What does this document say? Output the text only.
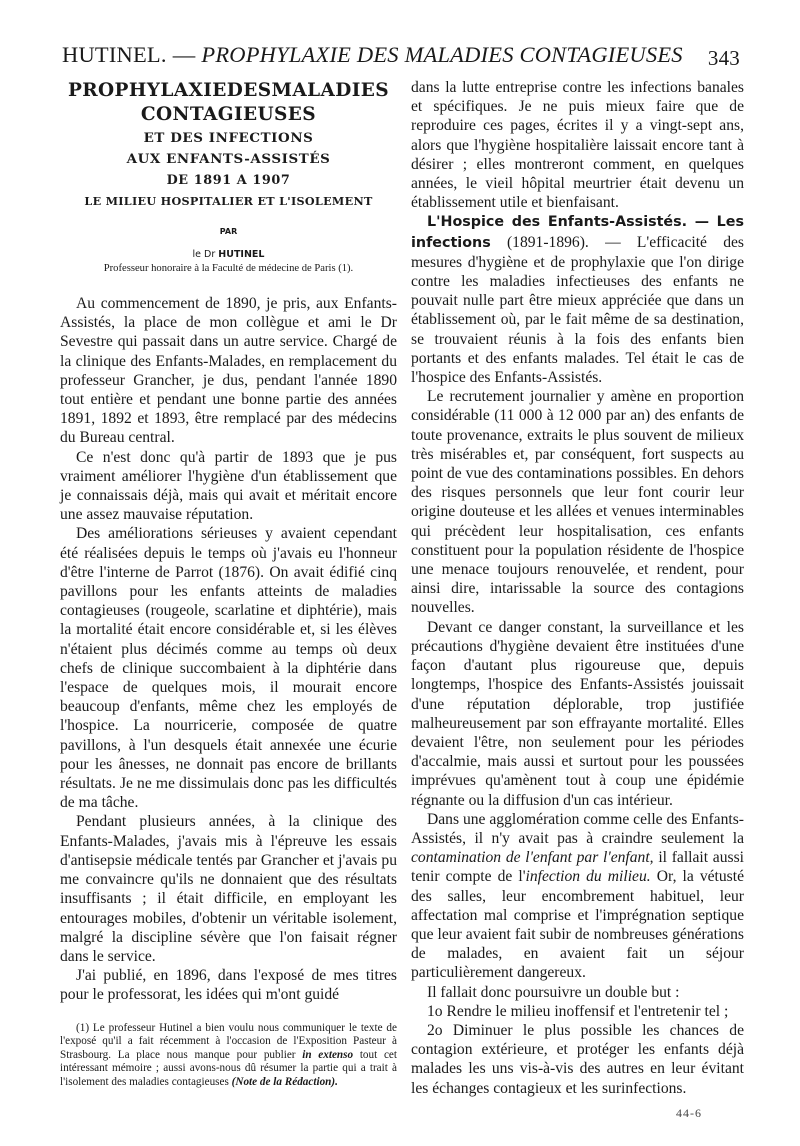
HUTINEL. — PROPHYLAXIE DES MALADIES CONTAGIEUSES 343
PROPHYLAXIEDESMALADIES
CONTAGIEUSES
ET DES INFECTIONS
AUX ENFANTS-ASSISTÉS
DE 1891 A 1907
LE MILIEU HOSPITALIER ET L'ISOLEMENT
PAR
le Dr HUTINEL
Professeur honoraire à la Faculté de médecine de Paris (1).

Au commencement de 1890, je pris, aux Enfants-Assistés, la place de mon collègue et ami le Dr Sevestre qui passait dans un autre service. Chargé de la clinique des Enfants-Malades, en remplacement du professeur Grancher, je dus, pendant l'année 1890 tout entière et pendant une bonne partie des années 1891, 1892 et 1893, être remplacé par des médecins du Bureau central.

Ce n'est donc qu'à partir de 1893 que je pus vraiment améliorer l'hygiène d'un établissement que je connaissais déjà, mais qui avait et méritait encore une assez mauvaise réputation.

Des améliorations sérieuses y avaient cependant été réalisées depuis le temps où j'avais eu l'honneur d'être l'interne de Parrot (1876). On avait édifié cinq pavillons pour les enfants atteints de maladies contagieuses (rougeole, scarlatine et diphtérie), mais la mortalité était encore considérable et, si les élèves n'étaient plus décimés comme au temps où deux chefs de clinique succombaient à la diphtérie dans l'espace de quelques mois, il mourait encore beaucoup d'enfants, même chez les employés de l'hospice. La nourricerie, composée de quatre pavillons, à l'un desquels était annexée une écurie pour les ânesses, ne donnait pas encore de brillants résultats. Je ne me dissimulais donc pas les difficultés de ma tâche.

Pendant plusieurs années, à la clinique des Enfants-Malades, j'avais mis à l'épreuve les essais d'antisepsie médicale tentés par Grancher et j'avais pu me convaincre qu'ils ne donnaient que des résultats insuffisants ; il était difficile, en employant les entourages mobiles, d'obtenir un véritable isolement, malgré la discipline sévère que l'on faisait régner dans le service.

J'ai publié, en 1896, dans l'exposé de mes titres pour le professorat, les idées qui m'ont guidé

(1) Le professeur Hutinel a bien voulu nous communiquer le texte de l'exposé qu'il a fait récemment à l'occasion de l'Exposition Pasteur à Strasbourg. La place nous manque pour publier in extenso tout cet intéressant mémoire ; aussi avons-nous dû résumer la partie qui a trait à l'isolement des maladies contagieuses (Note de la Rédaction).

dans la lutte entreprise contre les infections banales et spécifiques. Je ne puis mieux faire que de reproduire ces pages, écrites il y a vingt-sept ans, alors que l'hygiène hospitalière laissait encore tant à désirer ; elles montreront comment, en quelques années, le vieil hôpital meurtrier était devenu un établissement utile et bienfaisant.

L'Hospice des Enfants-Assistés. — Les infections (1891-1896). — L'efficacité des mesures d'hygiène et de prophylaxie que l'on dirige contre les maladies infectieuses des enfants ne pouvait nulle part être mieux appréciée que dans un établissement où, par le fait même de sa destination, se trouvaient réunis à la fois des enfants bien portants et des enfants malades. Tel était le cas de l'hospice des Enfants-Assistés.

Le recrutement journalier y amène en proportion considérable (11 000 à 12 000 par an) des enfants de toute provenance, extraits le plus souvent de milieux très misérables et, par conséquent, fort suspects au point de vue des contaminations possibles. En dehors des risques personnels que leur font courir leur origine douteuse et les allées et venues interminables qui précèdent leur hospitalisation, ces enfants constituent pour la population résidente de l'hospice une menace toujours renouvelée, et rendent, pour ainsi dire, intarissable la source des contagions nouvelles.

Devant ce danger constant, la surveillance et les précautions d'hygiène devaient être instituées d'une façon d'autant plus rigoureuse que, depuis longtemps, l'hospice des Enfants-Assistés jouissait d'une réputation déplorable, trop justifiée malheureusement par son effrayante mortalité. Elles devaient l'être, non seulement pour les périodes d'accalmie, mais aussi et surtout pour les poussées imprévues qu'amènent tout à coup une épidémie régnante ou la diffusion d'un cas intérieur.

Dans une agglomération comme celle des Enfants-Assistés, il n'y avait pas à craindre seulement la contamination de l'enfant par l'enfant, il fallait aussi tenir compte de l'infection du milieu. Or, la vétusté des salles, leur encombrement habituel, leur affectation mal comprise et l'imprégnation septique que leur avaient fait subir de nombreuses générations de malades, en avaient fait un séjour particulièrement dangereux.

Il fallait donc poursuivre un double but :

1o Rendre le milieu inoffensif et l'entretenir tel ;

2o Diminuer le plus possible les chances de contagion extérieure, et protéger les enfants déjà malades les uns vis-à-vis des autres en leur évitant les échanges contagieux et les surinfections.

44-6
